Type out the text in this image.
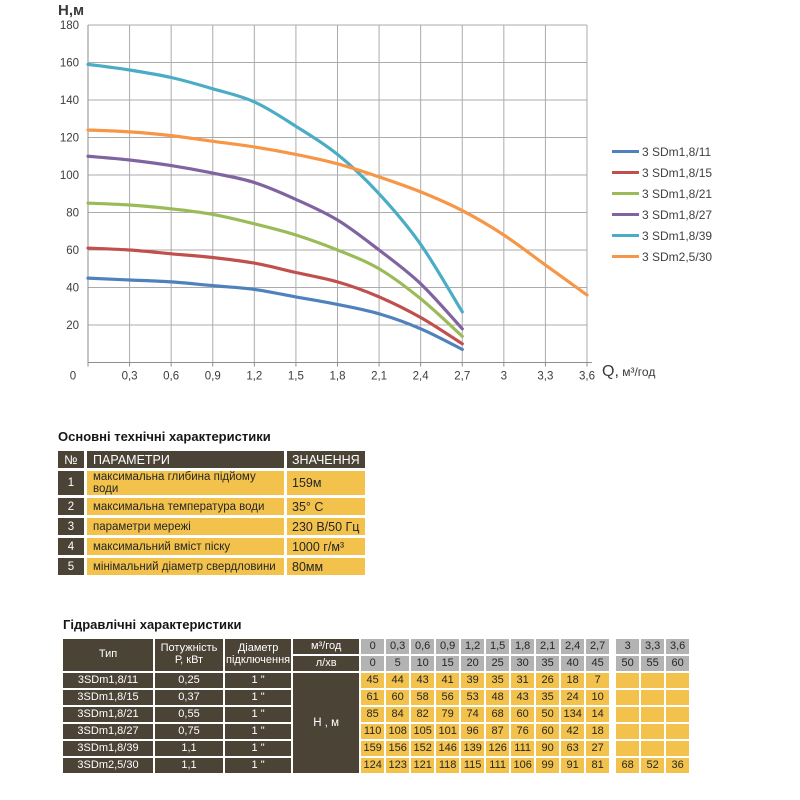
0	0,3 0,6 0,9 1,2 1,5 1,8 2,1 2,4 2,7	3	3,3 3,6
20
40
60
80
100
120
140
160
180
Н,м
Q, м³/год
3 SDm1,8/11
3 SDm1,8/15
3 SDm1,8/21
3 SDm1,8/27
3 SDm1,8/39
3 SDm2,5/30
Основні технічні характеристики
№	ПАРАМЕТРИ	ЗНАЧЕННЯ
1	максимальна глибина підйому води	159м
2	максимальна температура води	35° С
3	параметри мережі	230 В/50 Гц
4	максимальний вміст піску	1000 г/м³
5	мінімальний діаметр свердловини	80мм
Гідравлічні характеристики
Тип	Потужність Р, кВт	Діаметр підключення	м³/год	0	0,3	0,6	0,9	1,2	1,5	1,8	2,1	2,4	2,7		3	3,3	3,6
			л/хв	0	5	10	15	20	25	30	35	40	45		50	55	60
3SDm1,8/11	0,25	1 "	Н , м	45	44	43	41	39	35	31	26	18	7				
3SDm1,8/15	0,37	1 "		61	60	58	56	53	48	43	35	24	10				
3SDm1,8/21	0,55	1 "		85	84	82	79	74	68	60	50	134	14				
3SDm1,8/27	0,75	1 "		110	108	105	101	96	87	76	60	42	18				
3SDm1,8/39	1,1	1 "		159	156	152	146	139	126	111	90	63	27				
3SDm2,5/30	1,1	1 "		124	123	121	118	115	111	106	99	91	81		68	52	36
